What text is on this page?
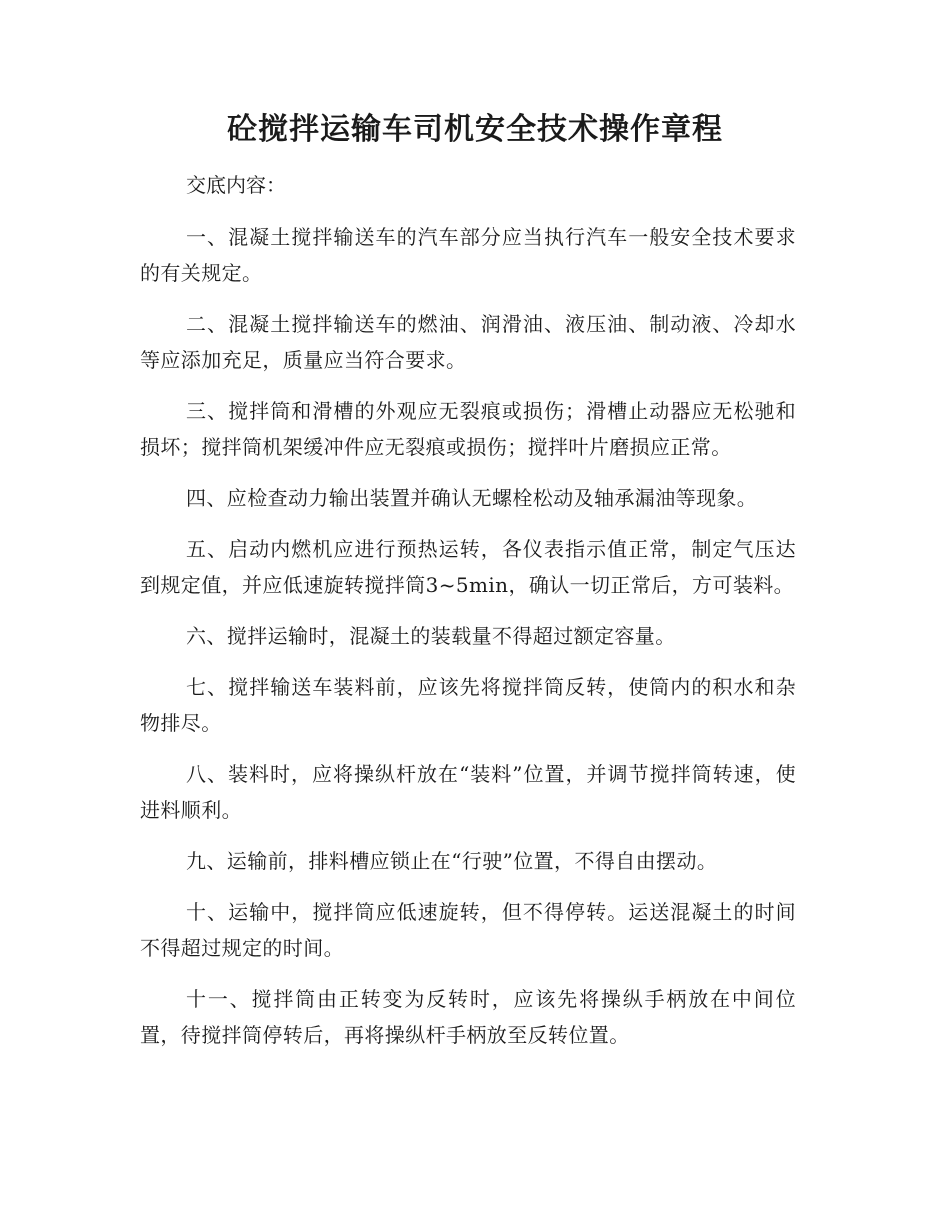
砼搅拌运输车司机安全技术操作章程

交底内容：

一、混凝土搅拌输送车的汽车部分应当执行汽车一般安全技术要求的有关规定。

二、混凝土搅拌输送车的燃油、润滑油、液压油、制动液、冷却水等应添加充足，质量应当符合要求。

三、搅拌筒和滑槽的外观应无裂痕或损伤；滑槽止动器应无松驰和损坏；搅拌筒机架缓冲件应无裂痕或损伤；搅拌叶片磨损应正常。

四、应检查动力输出装置并确认无螺栓松动及轴承漏油等现象。

五、启动内燃机应进行预热运转，各仪表指示值正常，制定气压达到规定值，并应低速旋转搅拌筒3~5min，确认一切正常后，方可装料。

六、搅拌运输时，混凝土的装载量不得超过额定容量。

七、搅拌输送车装料前，应该先将搅拌筒反转，使筒内的积水和杂物排尽。

八、装料时，应将操纵杆放在“装料”位置，并调节搅拌筒转速，使进料顺利。

九、运输前，排料槽应锁止在“行驶”位置，不得自由摆动。

十、运输中，搅拌筒应低速旋转，但不得停转。运送混凝土的时间不得超过规定的时间。

十一、搅拌筒由正转变为反转时，应该先将操纵手柄放在中间位置，待搅拌筒停转后，再将操纵杆手柄放至反转位置。
